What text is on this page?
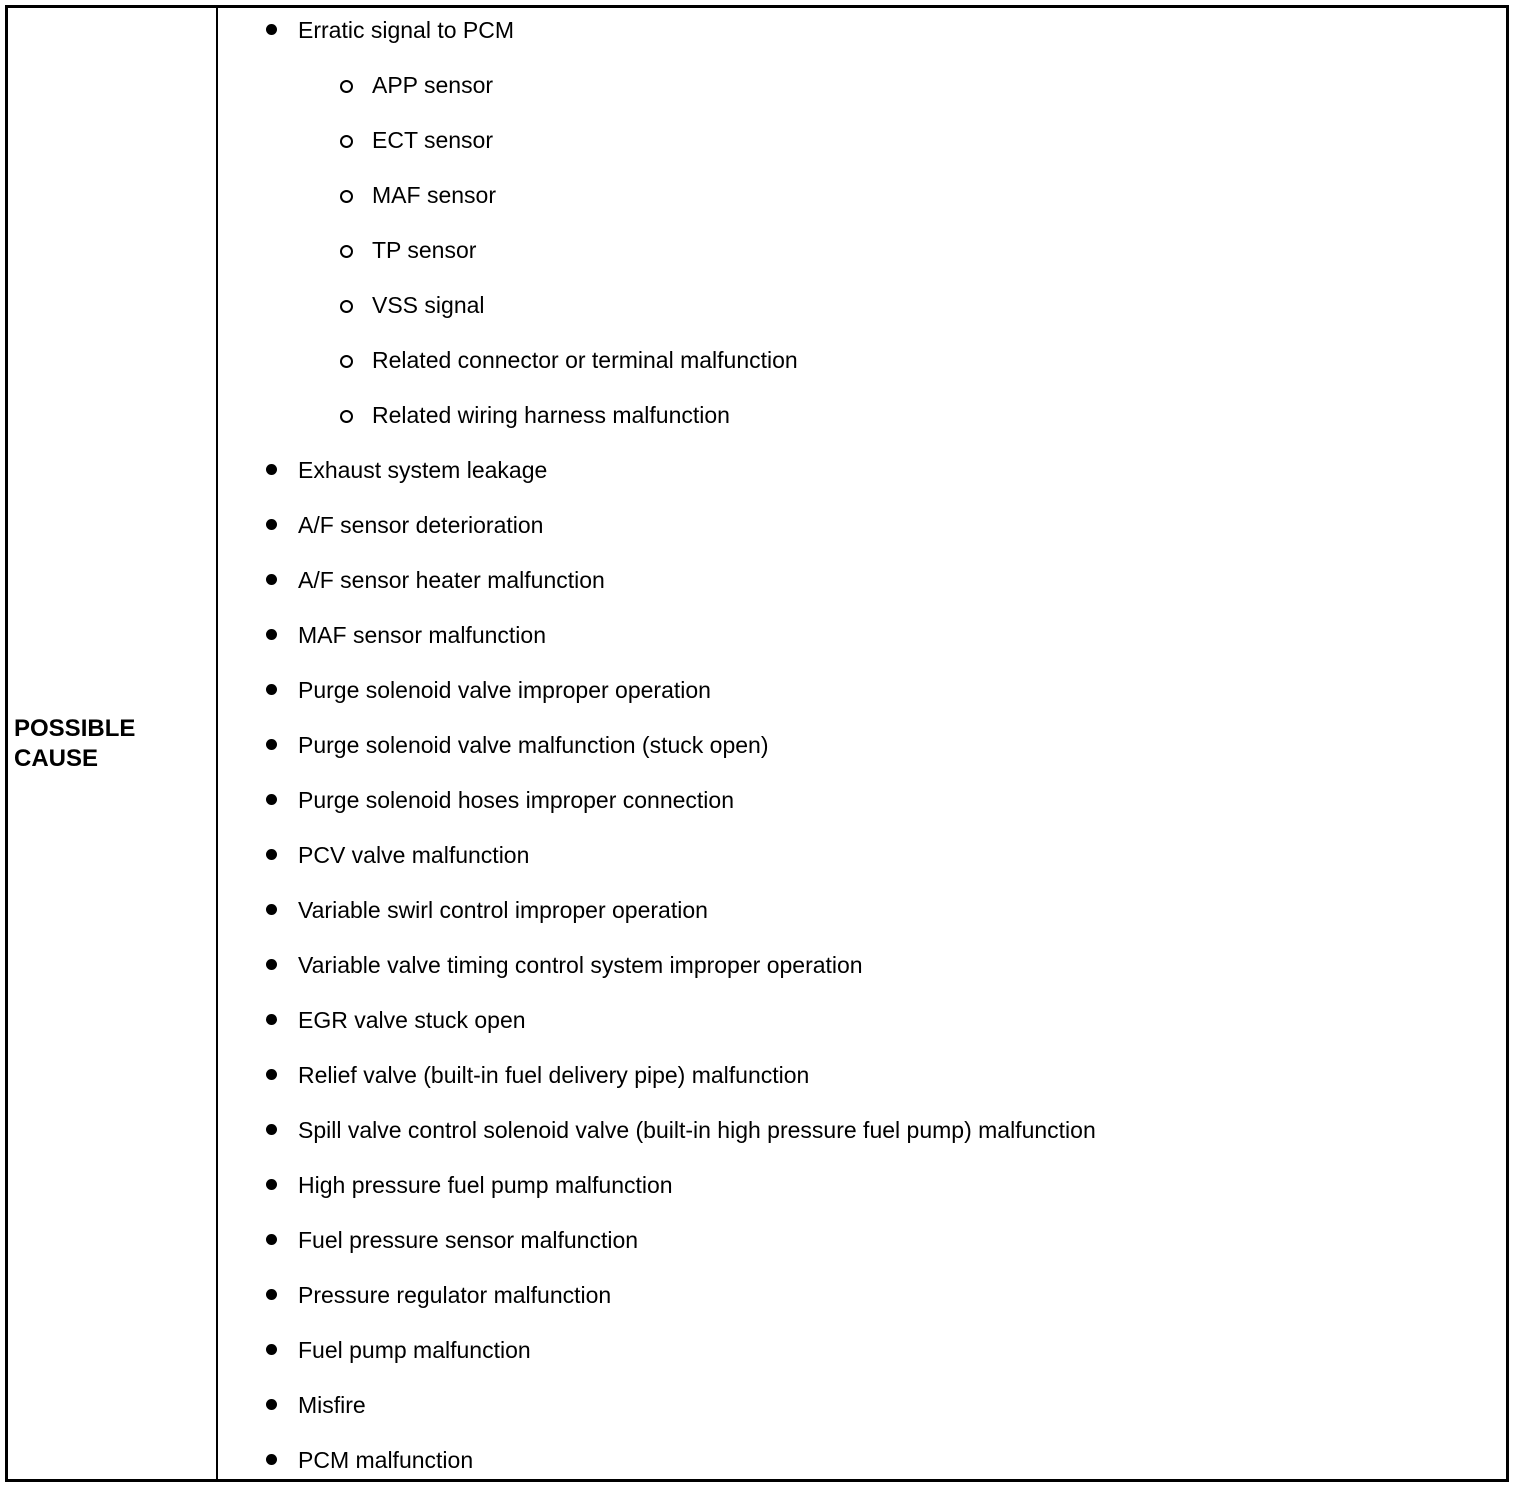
POSSIBLE
CAUSE
Erratic signal to PCM
APP sensor
ECT sensor
MAF sensor
TP sensor
VSS signal
Related connector or terminal malfunction
Related wiring harness malfunction
Exhaust system leakage
A/F sensor deterioration
A/F sensor heater malfunction
MAF sensor malfunction
Purge solenoid valve improper operation
Purge solenoid valve malfunction (stuck open)
Purge solenoid hoses improper connection
PCV valve malfunction
Variable swirl control improper operation
Variable valve timing control system improper operation
EGR valve stuck open
Relief valve (built-in fuel delivery pipe) malfunction
Spill valve control solenoid valve (built-in high pressure fuel pump) malfunction
High pressure fuel pump malfunction
Fuel pressure sensor malfunction
Pressure regulator malfunction
Fuel pump malfunction
Misfire
PCM malfunction
